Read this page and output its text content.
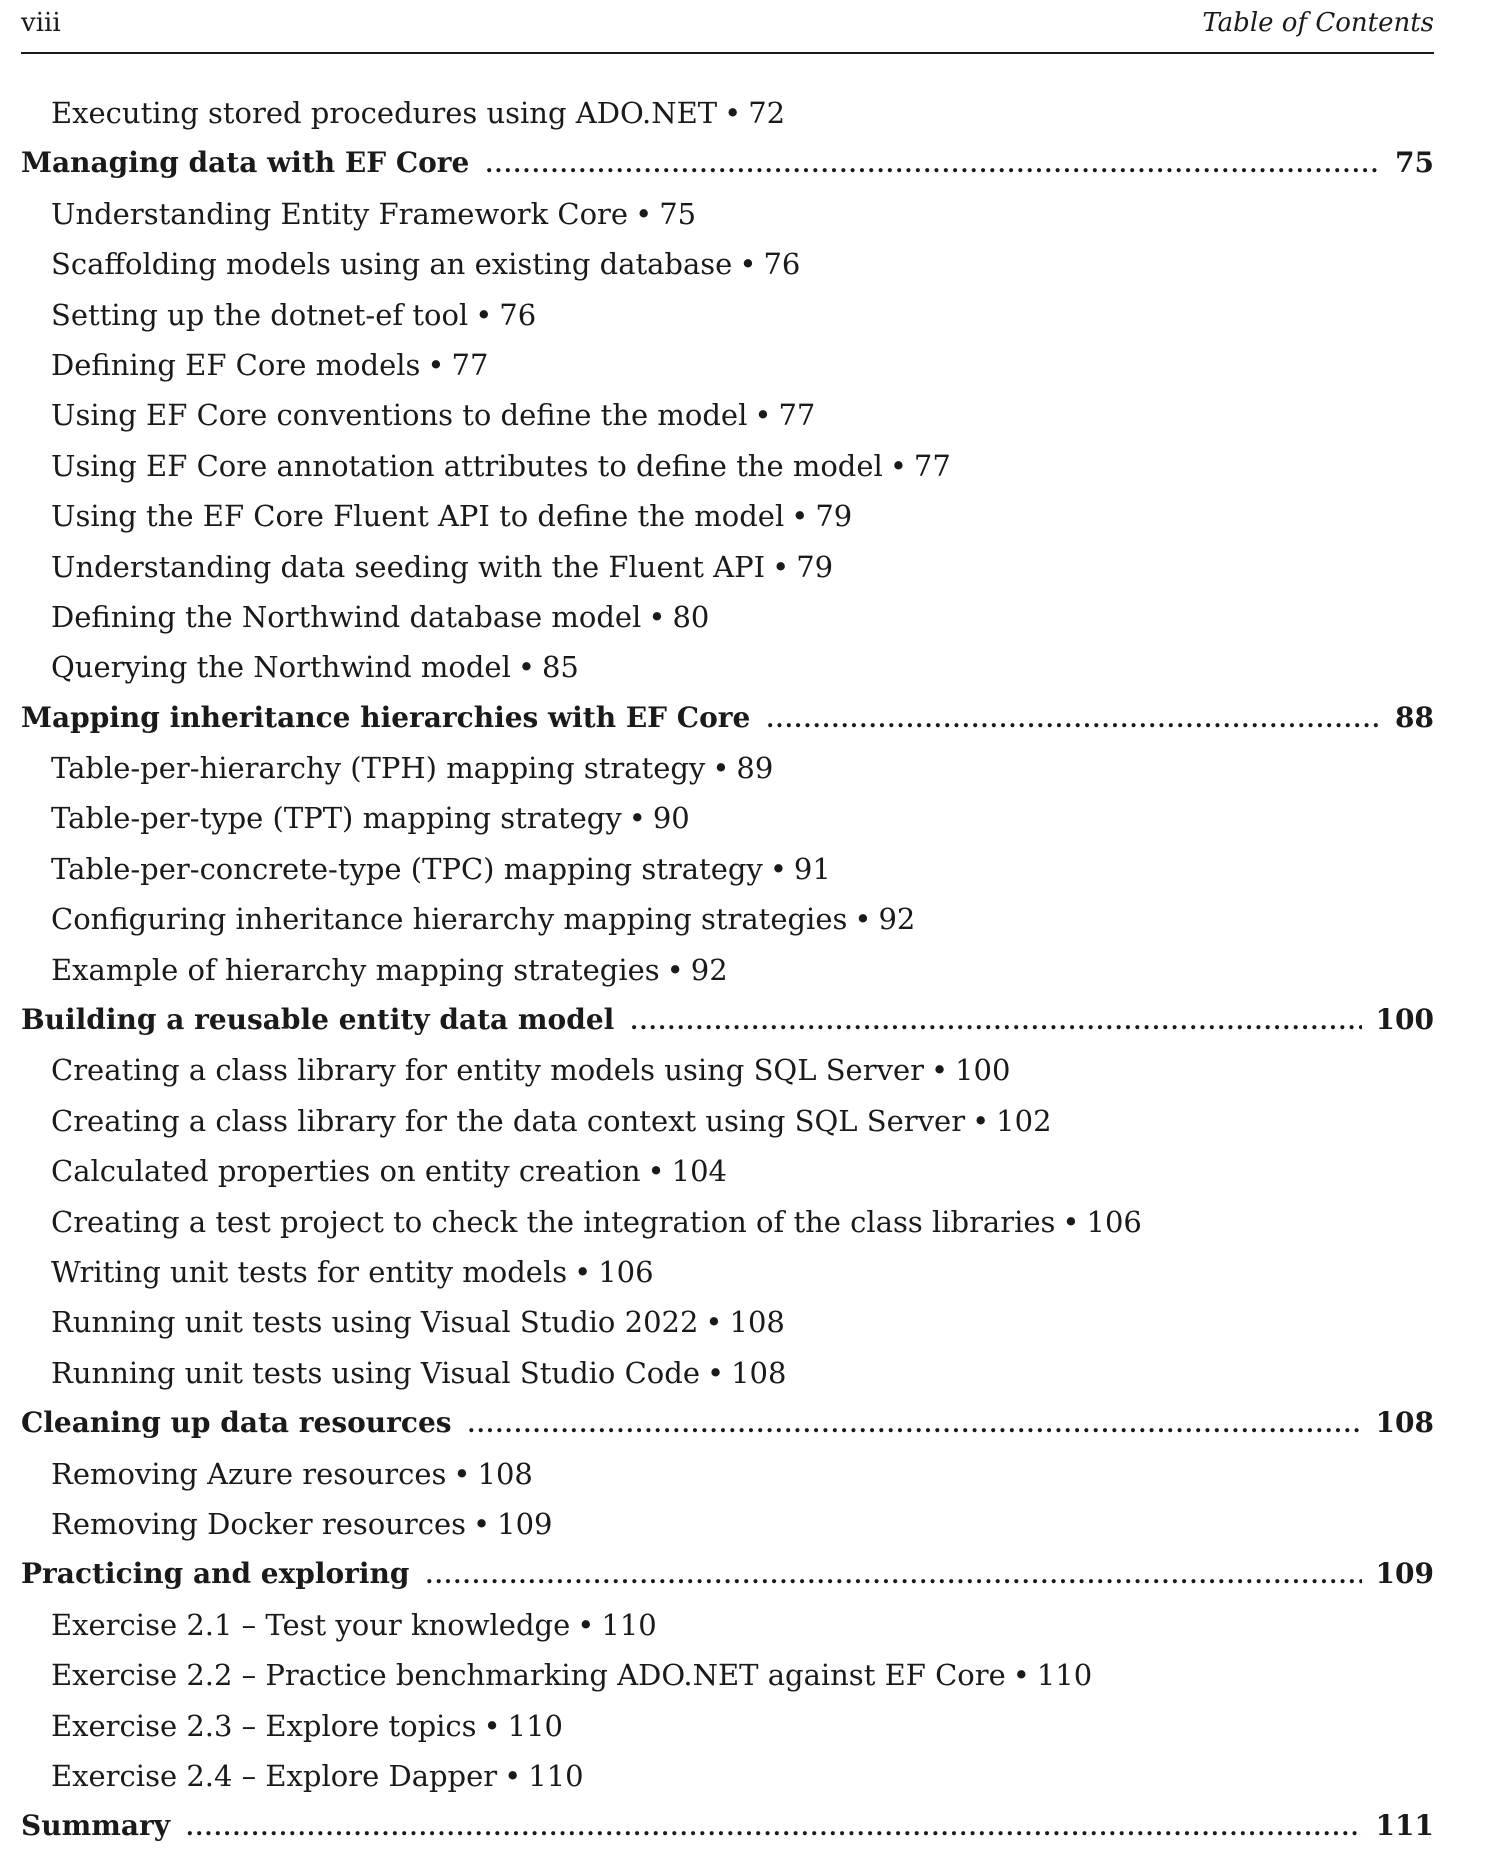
viii	Table of Contents
Executing stored procedures using ADO.NET • 72
Managing data with EF Core . . .	75
Understanding Entity Framework Core • 75
Scaffolding models using an existing database • 76
Setting up the dotnet-ef tool • 76
Defining EF Core models • 77
Using EF Core conventions to define the model • 77
Using EF Core annotation attributes to define the model • 77
Using the EF Core Fluent API to define the model • 79
Understanding data seeding with the Fluent API • 79
Defining the Northwind database model • 80
Querying the Northwind model • 85
Mapping inheritance hierarchies with EF Core . . .	88
Table-per-hierarchy (TPH) mapping strategy • 89
Table-per-type (TPT) mapping strategy • 90
Table-per-concrete-type (TPC) mapping strategy • 91
Configuring inheritance hierarchy mapping strategies • 92
Example of hierarchy mapping strategies • 92
Building a reusable entity data model . . .	100
Creating a class library for entity models using SQL Server • 100
Creating a class library for the data context using SQL Server • 102
Calculated properties on entity creation • 104
Creating a test project to check the integration of the class libraries • 106
Writing unit tests for entity models • 106
Running unit tests using Visual Studio 2022 • 108
Running unit tests using Visual Studio Code • 108
Cleaning up data resources . . .	108
Removing Azure resources • 108
Removing Docker resources • 109
Practicing and exploring . . .	109
Exercise 2.1 – Test your knowledge • 110
Exercise 2.2 – Practice benchmarking ADO.NET against EF Core • 110
Exercise 2.3 – Explore topics • 110
Exercise 2.4 – Explore Dapper • 110
Summary . . .	111
